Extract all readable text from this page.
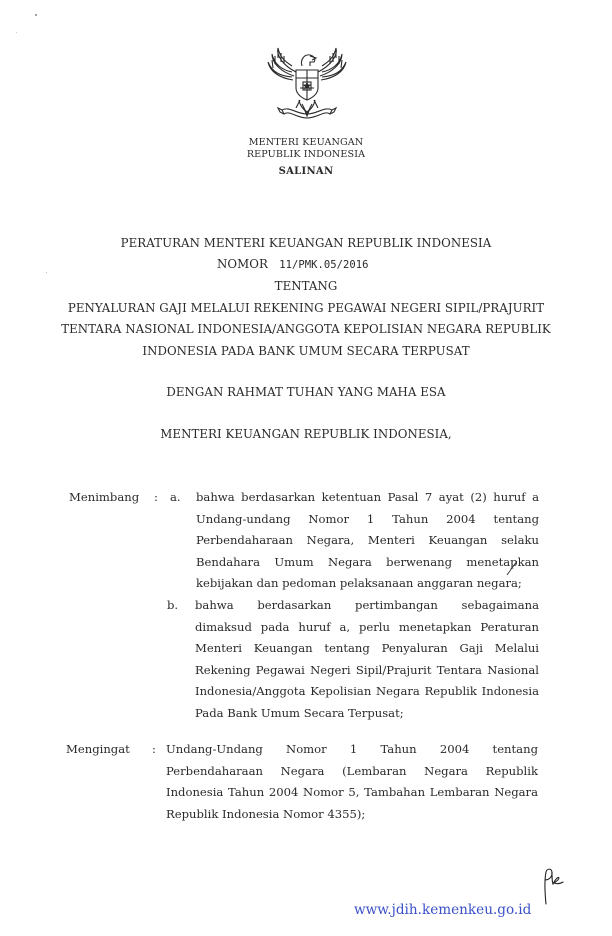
MENTERI KEUANGAN
REPUBLIK INDONESIA
SALINAN
PERATURAN MENTERI KEUANGAN REPUBLIK INDONESIA
NOMOR 11/PMK.05/2016
TENTANG
PENYALURAN GAJI MELALUI REKENING PEGAWAI NEGERI SIPIL/PRAJURIT
TENTARA NASIONAL INDONESIA/ANGGOTA KEPOLISIAN NEGARA REPUBLIK
INDONESIA PADA BANK UMUM SECARA TERPUSAT
DENGAN RAHMAT TUHAN YANG MAHA ESA
MENTERI KEUANGAN REPUBLIK INDONESIA,
Menimbang : a. bahwa berdasarkan ketentuan Pasal 7 ayat (2) huruf a
Undang-undang Nomor 1 Tahun 2004 tentang
Perbendaharaan Negara, Menteri Keuangan selaku
Bendahara Umum Negara berwenang menetapkan
kebijakan dan pedoman pelaksanaan anggaran negara;
b. bahwa berdasarkan pertimbangan sebagaimana
dimaksud pada huruf a, perlu menetapkan Peraturan
Menteri Keuangan tentang Penyaluran Gaji Melalui
Rekening Pegawai Negeri Sipil/Prajurit Tentara Nasional
Indonesia/Anggota Kepolisian Negara Republik Indonesia
Pada Bank Umum Secara Terpusat;
Mengingat : Undang-Undang Nomor 1 Tahun 2004 tentang
Perbendaharaan Negara (Lembaran Negara Republik
Indonesia Tahun 2004 Nomor 5, Tambahan Lembaran Negara
Republik Indonesia Nomor 4355);
www.jdih.kemenkeu.go.id
